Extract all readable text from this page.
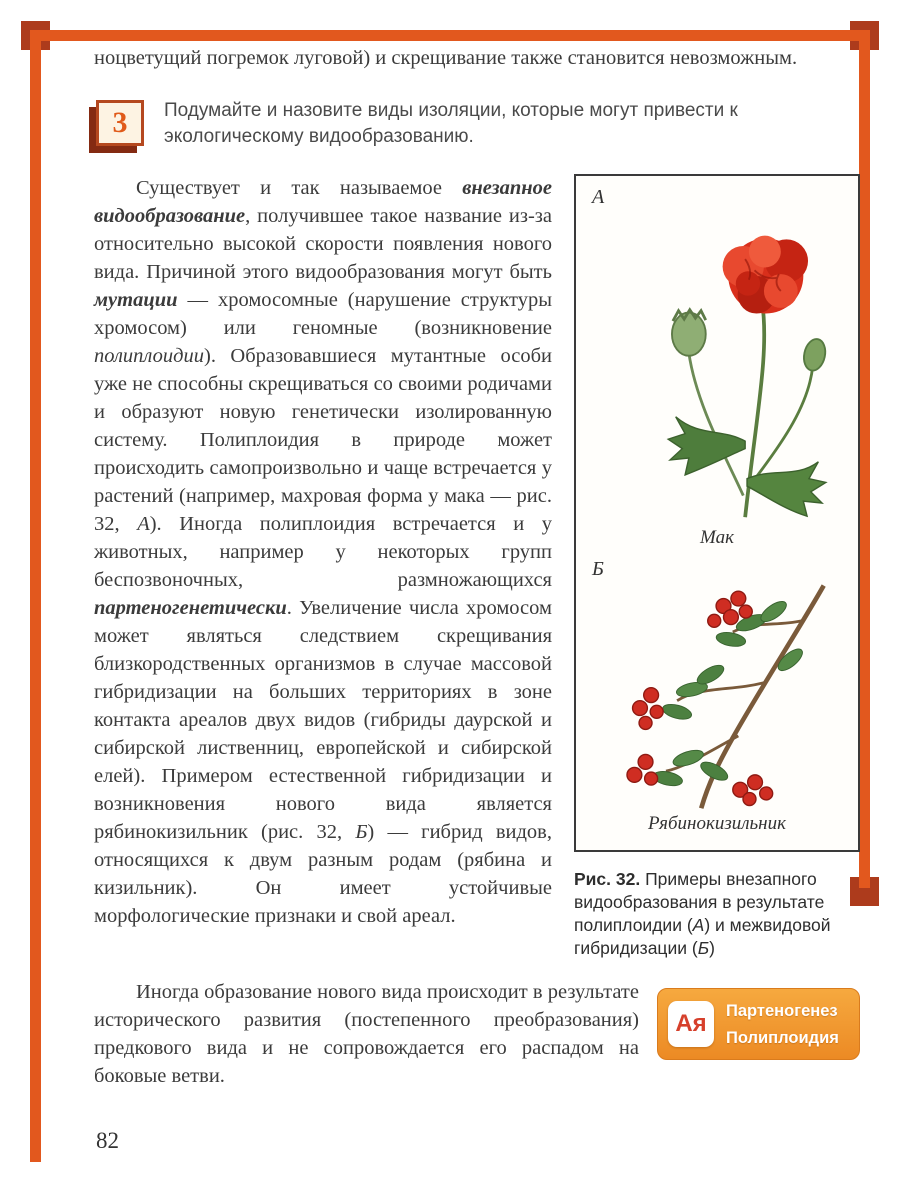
ноцветущий погремок луговой) и скрещивание также становится невозможным.

3 Подумайте и назовите виды изоляции, которые могут привести к экологическому видообразованию.

Существует и так называемое внезапное видообразование, получившее такое название из-за относительно высокой скорости появления нового вида. Причиной этого видообразования могут быть мутации — хромосомные (нарушение структуры хромосом) или геномные (возникновение полиплоидии). Образовавшиеся мутантные особи уже не способны скрещиваться со своими родичами и образуют новую генетически изолированную систему. Полиплоидия в природе может происходить самопроизвольно и чаще встречается у растений (например, махровая форма у мака — рис. 32, А). Иногда полиплоидия встречается и у животных, например у некоторых групп беспозвоночных, размножающихся партеногенетически. Увеличение числа хромосом может являться следствием скрещивания близкородственных организмов в случае массовой гибридизации на больших территориях в зоне контакта ареалов двух видов (гибриды даурской и сибирской лиственниц, европейской и сибирской елей). Примером естественной гибридизации и возникновения нового вида является рябинокизильник (рис. 32, Б) — гибрид видов, относящихся к двум разным родам (рябина и кизильник). Он имеет устойчивые морфологические признаки и свой ареал.

А
Мак
Б
Рябинокизильник
Рис. 32. Примеры внезапного видообразования в результате полиплоидии (А) и межвидовой гибридизации (Б)

Иногда образование нового вида происходит в результате исторического развития (постепенного преобразования) предкового вида и не сопровождается его распадом на боковые ветви.

Ая	Партеногенез
Полиплоидия
82
